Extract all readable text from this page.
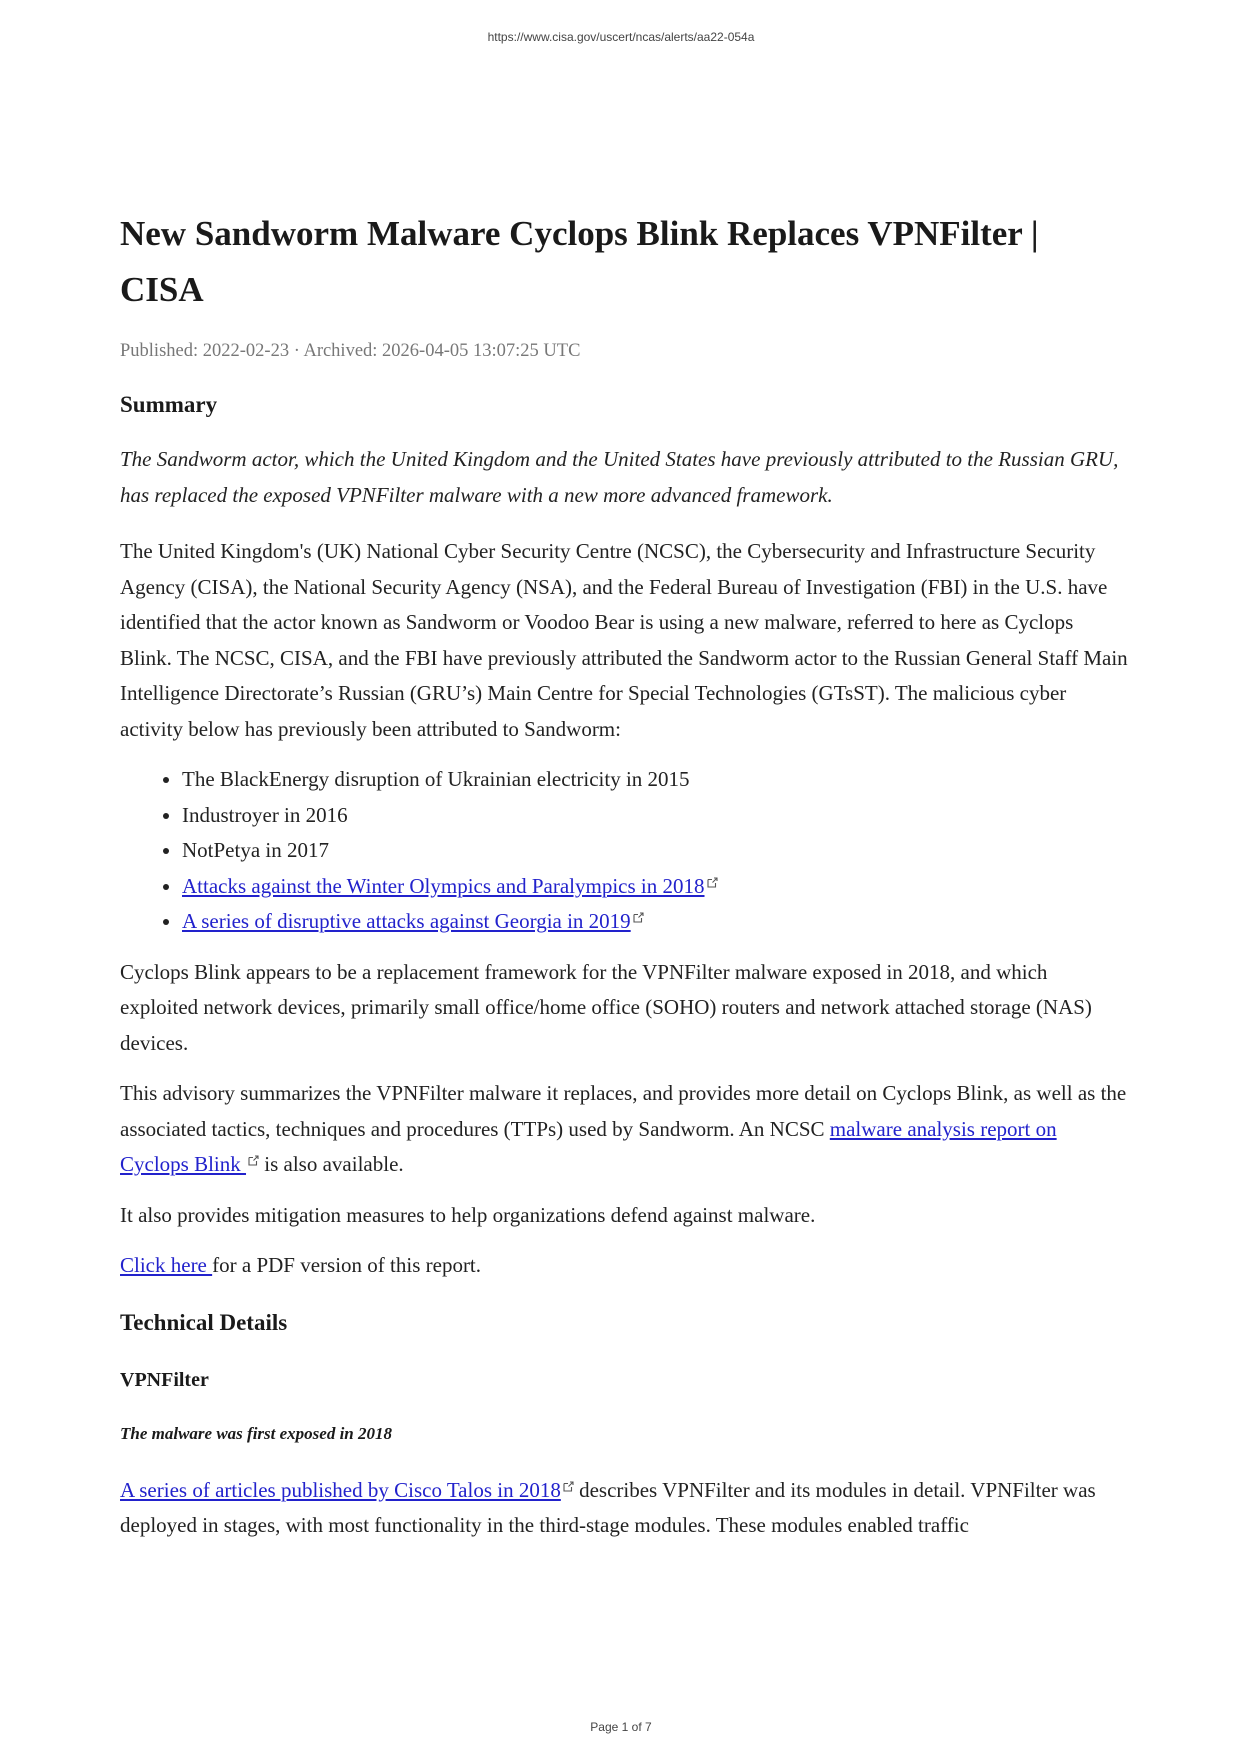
https://www.cisa.gov/uscert/ncas/alerts/aa22-054a
New Sandworm Malware Cyclops Blink Replaces VPNFilter | CISA
Published: 2022-02-23 · Archived: 2026-04-05 13:07:25 UTC
Summary

The Sandworm actor, which the United Kingdom and the United States have previously attributed to the Russian GRU, has replaced the exposed VPNFilter malware with a new more advanced framework.

The United Kingdom's (UK) National Cyber Security Centre (NCSC), the Cybersecurity and Infrastructure Security Agency (CISA), the National Security Agency (NSA), and the Federal Bureau of Investigation (FBI) in the U.S. have identified that the actor known as Sandworm or Voodoo Bear is using a new malware, referred to here as Cyclops Blink. The NCSC, CISA, and the FBI have previously attributed the Sandworm actor to the Russian General Staff Main Intelligence Directorate’s Russian (GRU’s) Main Centre for Special Technologies (GTsST). The malicious cyber activity below has previously been attributed to Sandworm:

• The BlackEnergy disruption of Ukrainian electricity in 2015
• Industroyer in 2016
• NotPetya in 2017
• Attacks against the Winter Olympics and Paralympics in 2018
• A series of disruptive attacks against Georgia in 2019

Cyclops Blink appears to be a replacement framework for the VPNFilter malware exposed in 2018, and which exploited network devices, primarily small office/home office (SOHO) routers and network attached storage (NAS) devices.

This advisory summarizes the VPNFilter malware it replaces, and provides more detail on Cyclops Blink, as well as the associated tactics, techniques and procedures (TTPs) used by Sandworm. An NCSC malware analysis report on Cyclops Blink
is also available.

It also provides mitigation measures to help organizations defend against malware.

Click here for a PDF version of this report.

Technical Details
VPNFilter
The malware was first exposed in 2018

A series of articles published by Cisco Talos in 2018
describes VPNFilter and its modules in detail. VPNFilter was deployed in stages, with most functionality in the third-stage modules. These modules enabled traffic

Page 1 of 7
